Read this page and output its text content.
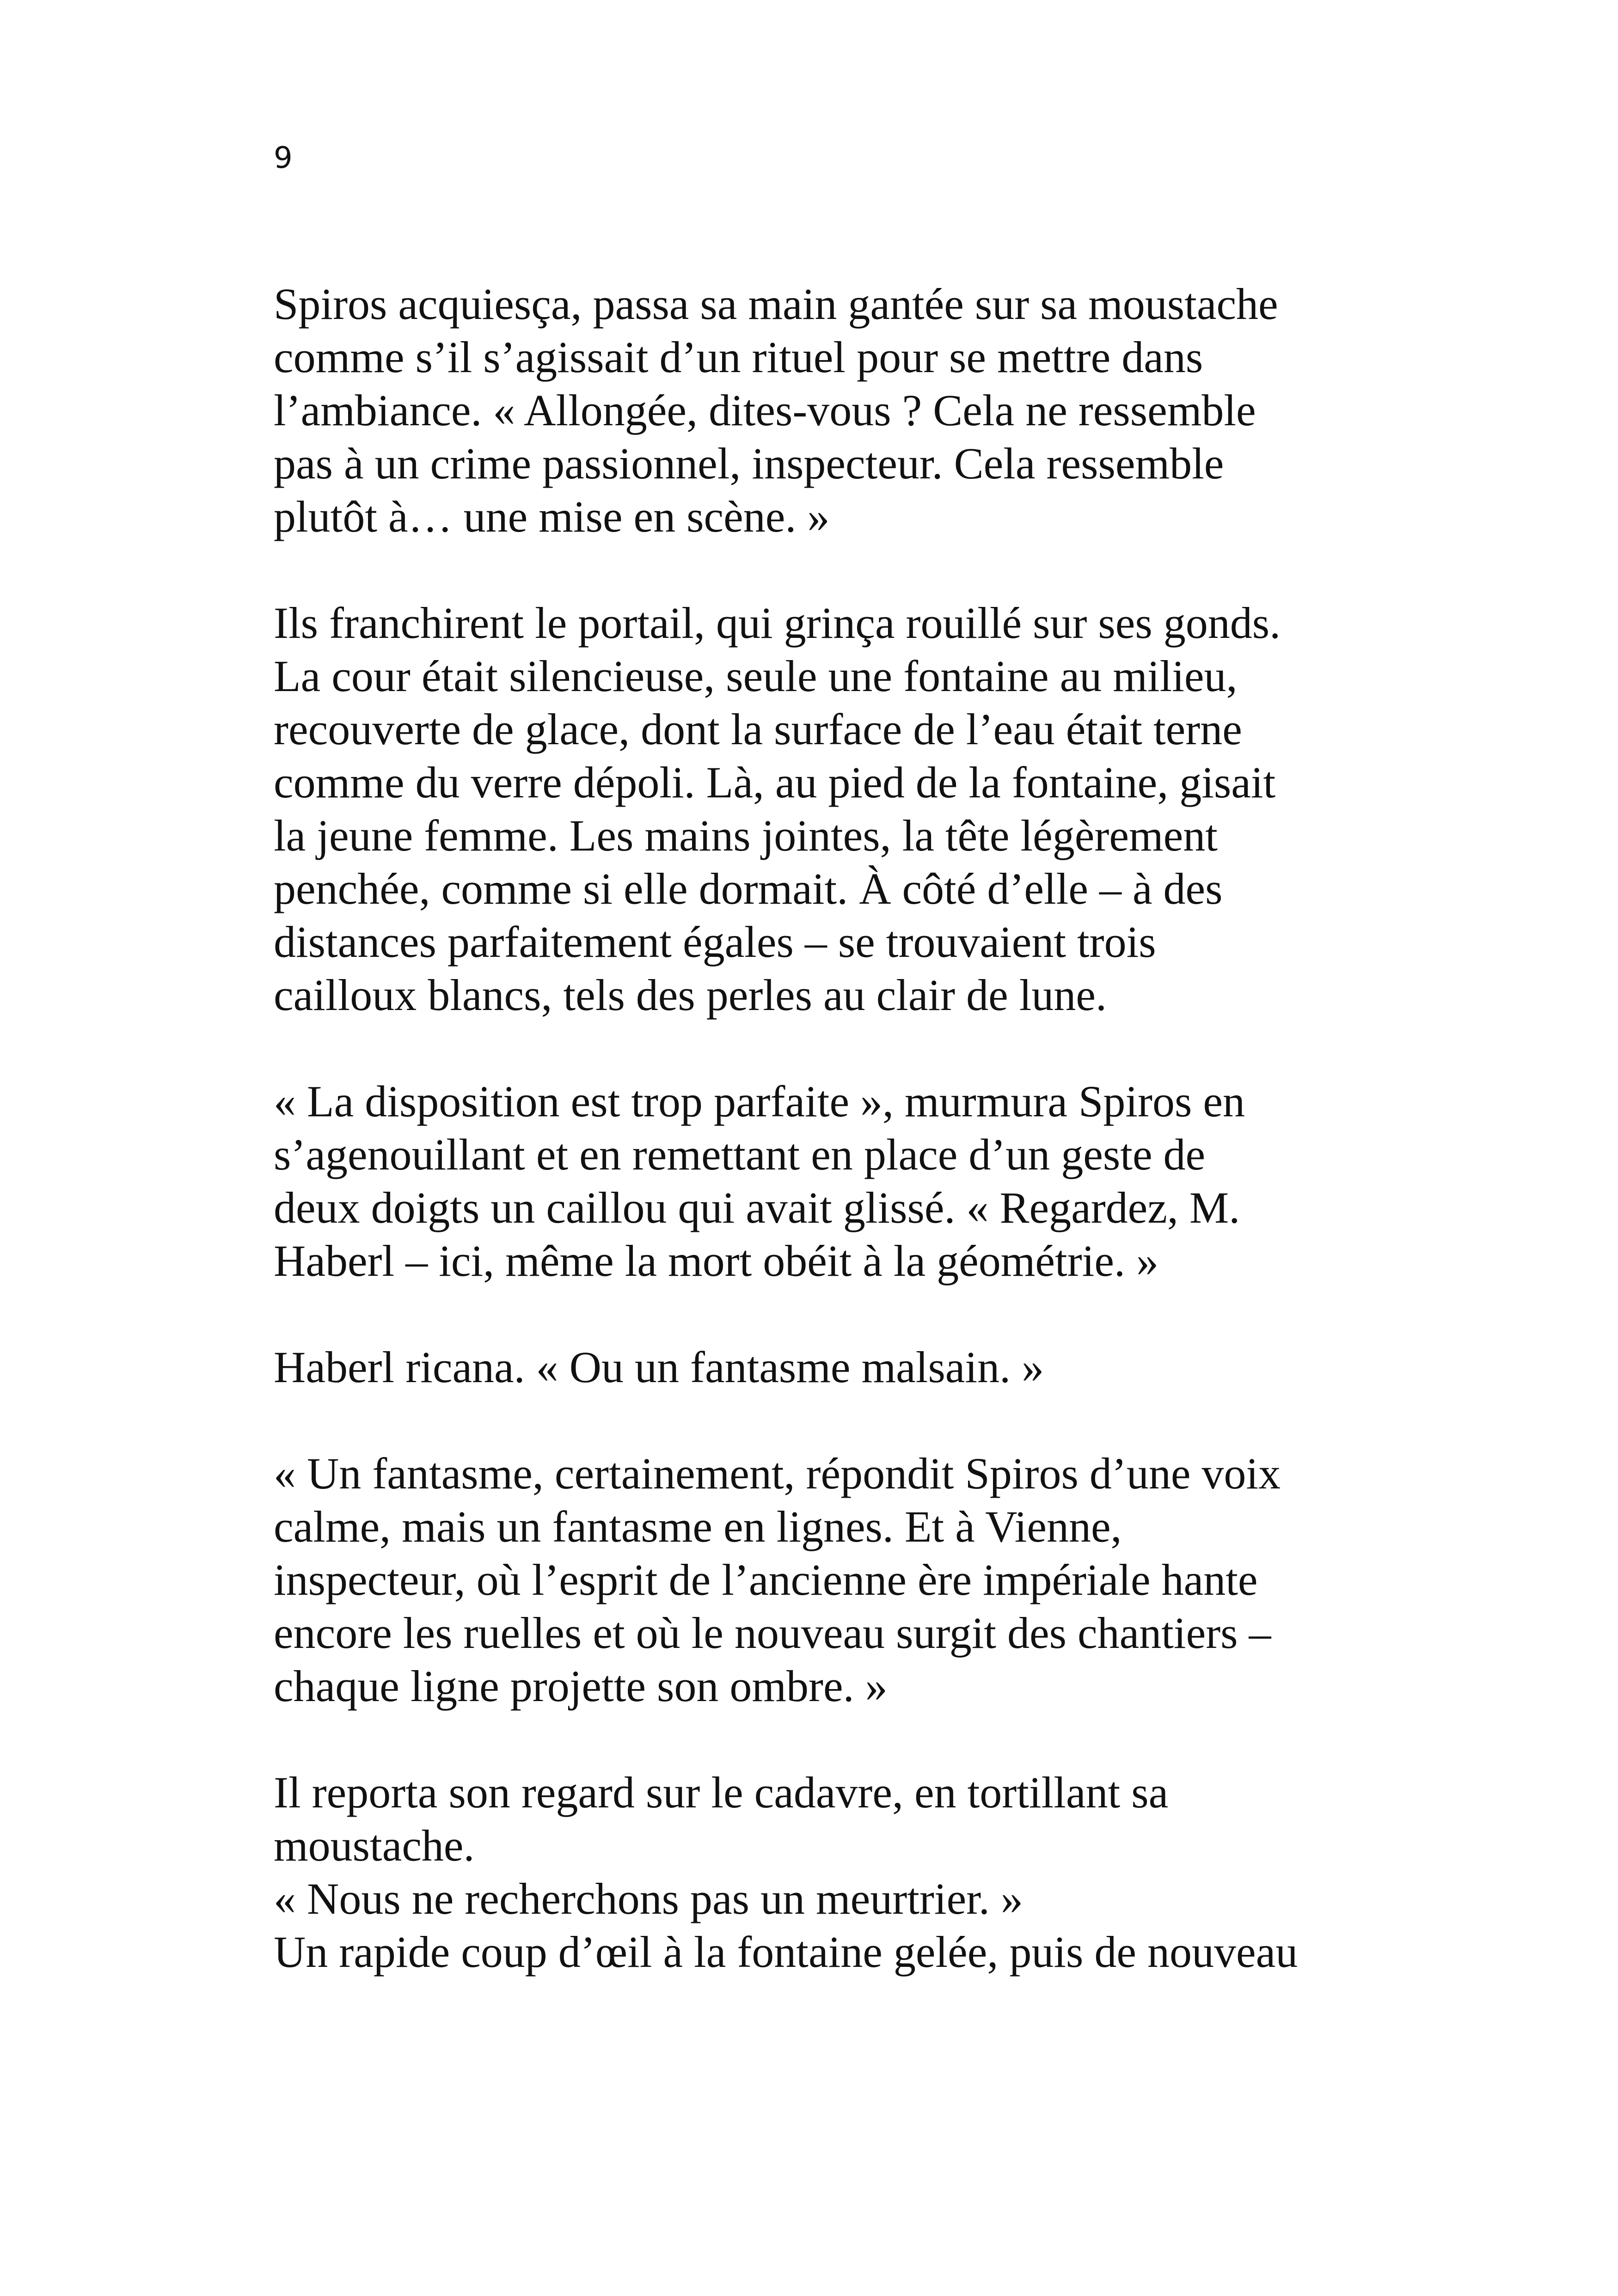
9
Spiros acquiesça, passa sa main gantée sur sa moustache
comme s’il s’agissait d’un rituel pour se mettre dans
l’ambiance. « Allongée, dites-vous ? Cela ne ressemble
pas à un crime passionnel, inspecteur. Cela ressemble
plutôt à… une mise en scène. »
Ils franchirent le portail, qui grinça rouillé sur ses gonds.
La cour était silencieuse, seule une fontaine au milieu,
recouverte de glace, dont la surface de l’eau était terne
comme du verre dépoli. Là, au pied de la fontaine, gisait
la jeune femme. Les mains jointes, la tête légèrement
penchée, comme si elle dormait. À côté d’elle – à des
distances parfaitement égales – se trouvaient trois
cailloux blancs, tels des perles au clair de lune.
« La disposition est trop parfaite », murmura Spiros en
s’agenouillant et en remettant en place d’un geste de
deux doigts un caillou qui avait glissé. « Regardez, M.
Haberl – ici, même la mort obéit à la géométrie. »
Haberl ricana. « Ou un fantasme malsain. »
« Un fantasme, certainement, répondit Spiros d’une voix
calme, mais un fantasme en lignes. Et à Vienne,
inspecteur, où l’esprit de l’ancienne ère impériale hante
encore les ruelles et où le nouveau surgit des chantiers –
chaque ligne projette son ombre. »
Il reporta son regard sur le cadavre, en tortillant sa
moustache.
« Nous ne recherchons pas un meurtrier. »
Un rapide coup d’œil à la fontaine gelée, puis de nouveau
